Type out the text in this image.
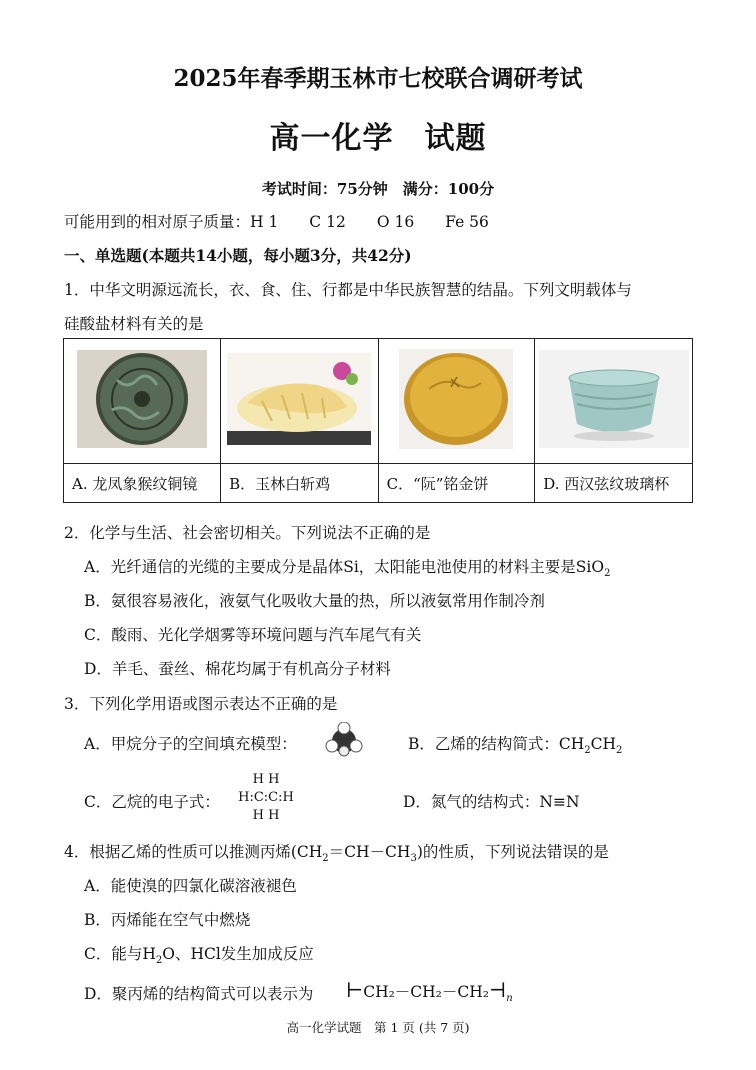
2025年春季期玉林市七校联合调研考试
高一化学　试题
考试时间：75分钟　满分：100分
可能用到的相对原子质量：H 1　　C 12　　O 16　　Fe 56
一、单选题(本题共14小题，每小题3分，共42分)
1．中华文明源远流长，衣、食、住、行都是中华民族智慧的结晶。下列文明载体与
硅酸盐材料有关的是

A. 龙凤象猴纹铜镜	B．玉林白斩鸡	C．“阮”铭金饼	D. 西汉弦纹玻璃杯
2．化学与生活、社会密切相关。下列说法不正确的是
A．光纤通信的光缆的主要成分是晶体Si，太阳能电池使用的材料主要是SiO$_2$
B．氨很容易液化，液氨气化吸收大量的热，所以液氨常用作制冷剂
C．酸雨、光化学烟雾等环境问题与汽车尾气有关
D．羊毛、蚕丝、棉花均属于有机高分子材料
3．下列化学用语或图示表达不正确的是
A．甲烷分子的空间填充模型：	B．乙烯的结构简式：$CH_2CH_2$
C．乙烷的电子式：
H H
H:C:C:H
H H
D．氮气的结构式：N≡N
4．根据乙烯的性质可以推测丙烯$(CH_2=CH-CH_3)$的性质，下列说法错误的是
A．能使溴的四氯化碳溶液褪色
B．丙烯能在空气中燃烧
C．能与$H_2O$、HCl发生加成反应
D．聚丙烯的结构简式可以表示为 $⊢CH_2-CH_2-CH_2⊣_n$
高一化学试题　第 1 页 (共 7 页)
